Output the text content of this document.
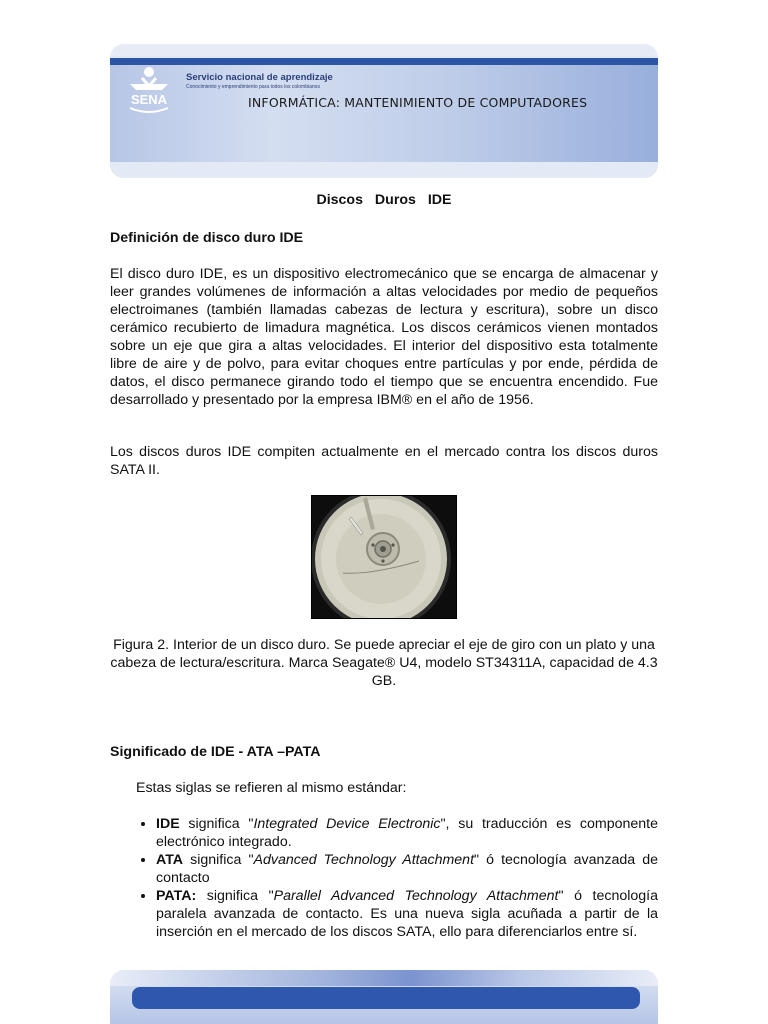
SENA
Servicio nacional de aprendizaje
Conocimiento y emprendimiento para todos los colombianos
INFORMÁTICA: MANTENIMIENTO DE COMPUTADORES
Discos Duros IDE
Definición de disco duro IDE
El disco duro IDE, es un dispositivo electromecánico que se encarga de almacenar y leer grandes volúmenes de información a altas velocidades por medio de pequeños electroimanes (también llamadas cabezas de lectura y escritura), sobre un disco cerámico recubierto de limadura magnética. Los discos cerámicos vienen montados sobre un eje que gira a altas velocidades. El interior del dispositivo esta totalmente libre de aire y de polvo, para evitar choques entre partículas y por ende, pérdida de datos, el disco permanece girando todo el tiempo que se encuentra encendido. Fue desarrollado y presentado por la empresa IBM® en el año de 1956.
Los discos duros IDE compiten actualmente en el mercado contra los discos duros SATA II.
Figura 2. Interior de un disco duro. Se puede apreciar el eje de giro con un plato y una cabeza de lectura/escritura. Marca Seagate® U4, modelo ST34311A, capacidad de 4.3 GB.
Significado de IDE - ATA –PATA
Estas siglas se refieren al mismo estándar:
• IDE significa "Integrated Device Electronic", su traducción es componente electrónico integrado.
• ATA significa "Advanced Technology Attachment" ó tecnología avanzada de contacto
• PATA: significa "Parallel Advanced Technology Attachment" ó tecnología paralela avanzada de contacto. Es una nueva sigla acuñada a partir de la inserción en el mercado de los discos SATA, ello para diferenciarlos entre sí.
